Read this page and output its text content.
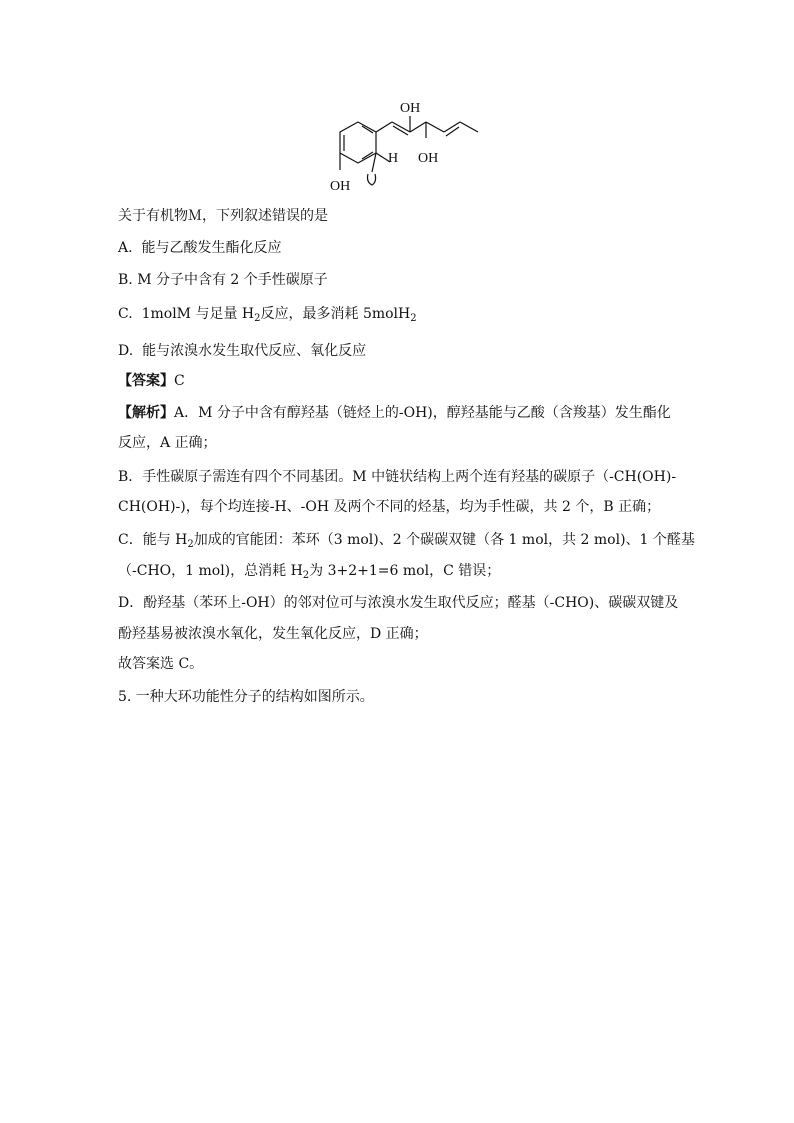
OH
OH
OH
H
关于有机物Ｍ，下列叙述错误的是
A. 能与乙酸发生酯化反应
B. M 分子中含有 2 个手性碳原子
C. 1molM 与足量 $H_2$反应，最多消耗 5molH$_2$
D. 能与浓溴水发生取代反应、氧化反应
【答案】C
【解析】A．M 分子中含有醇羟基（链烃上的-OH)，醇羟基能与乙酸（含羧基）发生酯化
反应，A 正确；
B．手性碳原子需连有四个不同基团。M 中链状结构上两个连有羟基的碳原子（-CH(OH)-
CH(OH)-)，每个均连接-H、-OH 及两个不同的烃基，均为手性碳，共 2 个，B 正确；
C．能与 $H_2$加成的官能团：苯环（3 mol)、2 个碳碳双键（各 1 mol，共 2 mol)、1 个醛基
（-CHO，1 mol)，总消耗 $H_2$为 3+2+1=6 mol，C 错误；
D．酚羟基（苯环上-OH）的邻对位可与浓溴水发生取代反应；醛基（-CHO)、碳碳双键及
酚羟基易被浓溴水氧化，发生氧化反应，D 正确；
故答案选 C。
5. 一种大环功能性分子的结构如图所示。
